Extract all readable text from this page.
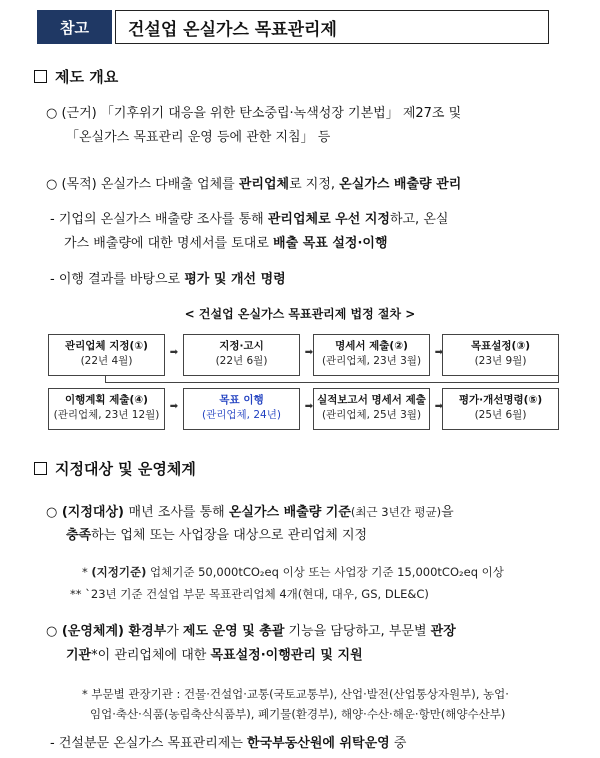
참고	건설업 온실가스 목표관리제
제도 개요
○ (근거) 「기후위기 대응을 위한 탄소중립·녹색성장 기본법」 제27조 및
「온실가스 목표관리 운영 등에 관한 지침」 등
○ (목적) 온실가스 다배출 업체를 관리업체로 지정, 온실가스 배출량 관리
- 기업의 온실가스 배출량 조사를 통해 관리업체로 우선 지정하고, 온실
가스 배출량에 대한 명세서를 토대로 배출 목표 설정·이행
- 이행 결과를 바탕으로 평가 및 개선 명령
< 건설업 온실가스 목표관리제 법정 절차 >
관리업체 지정(①)
(22년 4월)
➡
지정·고시
(22년 6월)
➡
명세서 제출(②)
(관리업체, 23년 3월)
➡
목표설정(③)
(23년 9월)
이행계획 제출(④)
(관리업체, 23년 12월)
➡
목표 이행
(관리업체, 24년)
➡
실적보고서 명세서 제출
(관리업체, 25년 3월)
➡
평가·개선명령(⑤)
(25년 6월)
지정대상 및 운영체계
○ (지정대상) 매년 조사를 통해 온실가스 배출량 기준(최근 3년간 평균)을
충족하는 업체 또는 사업장을 대상으로 관리업체 지정
* (지정기준) 업체기준 50,000tCO₂eq 이상 또는 사업장 기준 15,000tCO₂eq 이상
** `23년 기준 건설업 부문 목표관리업체 4개(현대, 대우, GS, DLE&C)
○ (운영체계) 환경부가 제도 운영 및 총괄 기능을 담당하고, 부문별 관장
기관*이 관리업체에 대한 목표설정·이행관리 및 지원
* 부문별 관장기관 : 건물·건설업·교통(국토교통부), 산업·발전(산업통상자원부), 농업·
임업·축산·식품(농림축산식품부), 폐기물(환경부), 해양·수산·해운·항만(해양수산부)
- 건설분문 온실가스 목표관리제는 한국부동산원에 위탁운영 중
